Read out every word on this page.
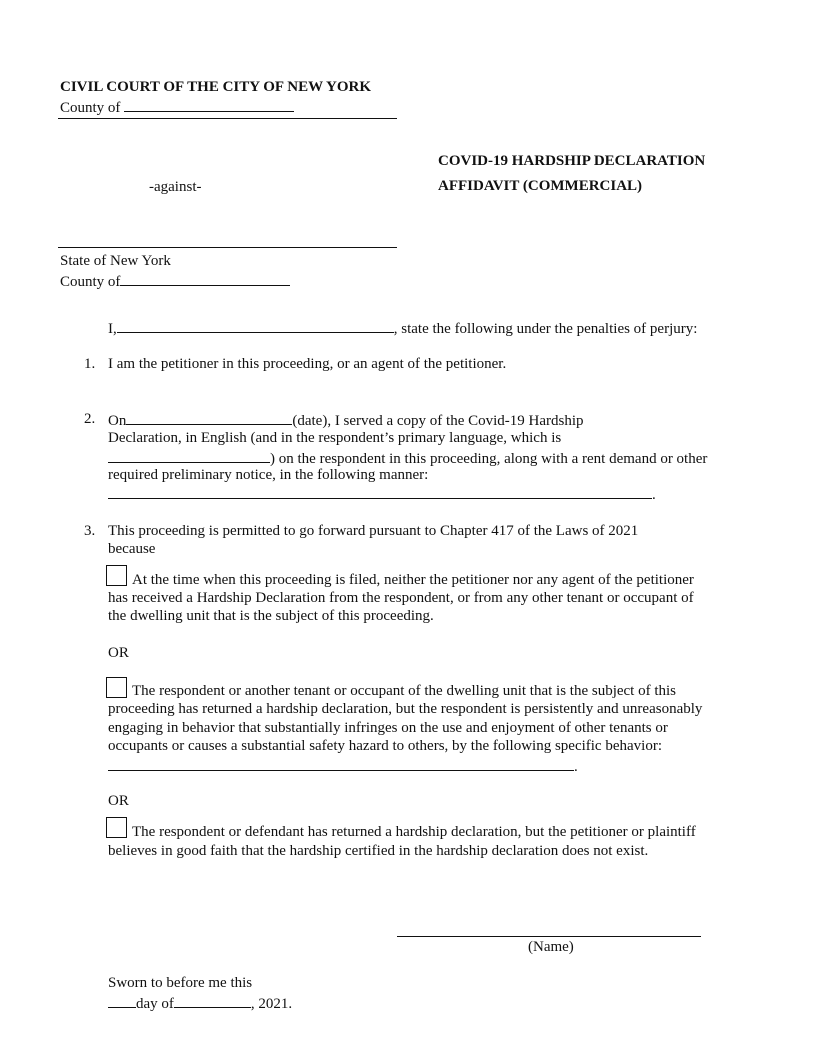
CIVIL COURT OF THE CITY OF NEW YORK
County of
-against-
COVID-19 HARDSHIP DECLARATION
AFFIDAVIT (COMMERCIAL)
State of New York
County of
I,	, state the following under the penalties of perjury:
1. I am the petitioner in this proceeding, or an agent of the petitioner.
2. On	(date), I served a copy of the Covid-19 Hardship
Declaration, in English (and in the respondent’s primary language, which is
) on the respondent in this proceeding, along with a rent demand or other
required preliminary notice, in the following manner:
.
3. This proceeding is permitted to go forward pursuant to Chapter 417 of the Laws of 2021
because
At the time when this proceeding is filed, neither the petitioner nor any agent of the petitioner
has received a Hardship Declaration from the respondent, or from any other tenant or occupant of
the dwelling unit that is the subject of this proceeding.
OR
The respondent or another tenant or occupant of the dwelling unit that is the subject of this
proceeding has returned a hardship declaration, but the respondent is persistently and unreasonably
engaging in behavior that substantially infringes on the use and enjoyment of other tenants or
occupants or causes a substantial safety hazard to others, by the following specific behavior:
.
OR
The respondent or defendant has returned a hardship declaration, but the petitioner or plaintiff
believes in good faith that the hardship certified in the hardship declaration does not exist.
(Name)
Sworn to before me this
day of	, 2021.
